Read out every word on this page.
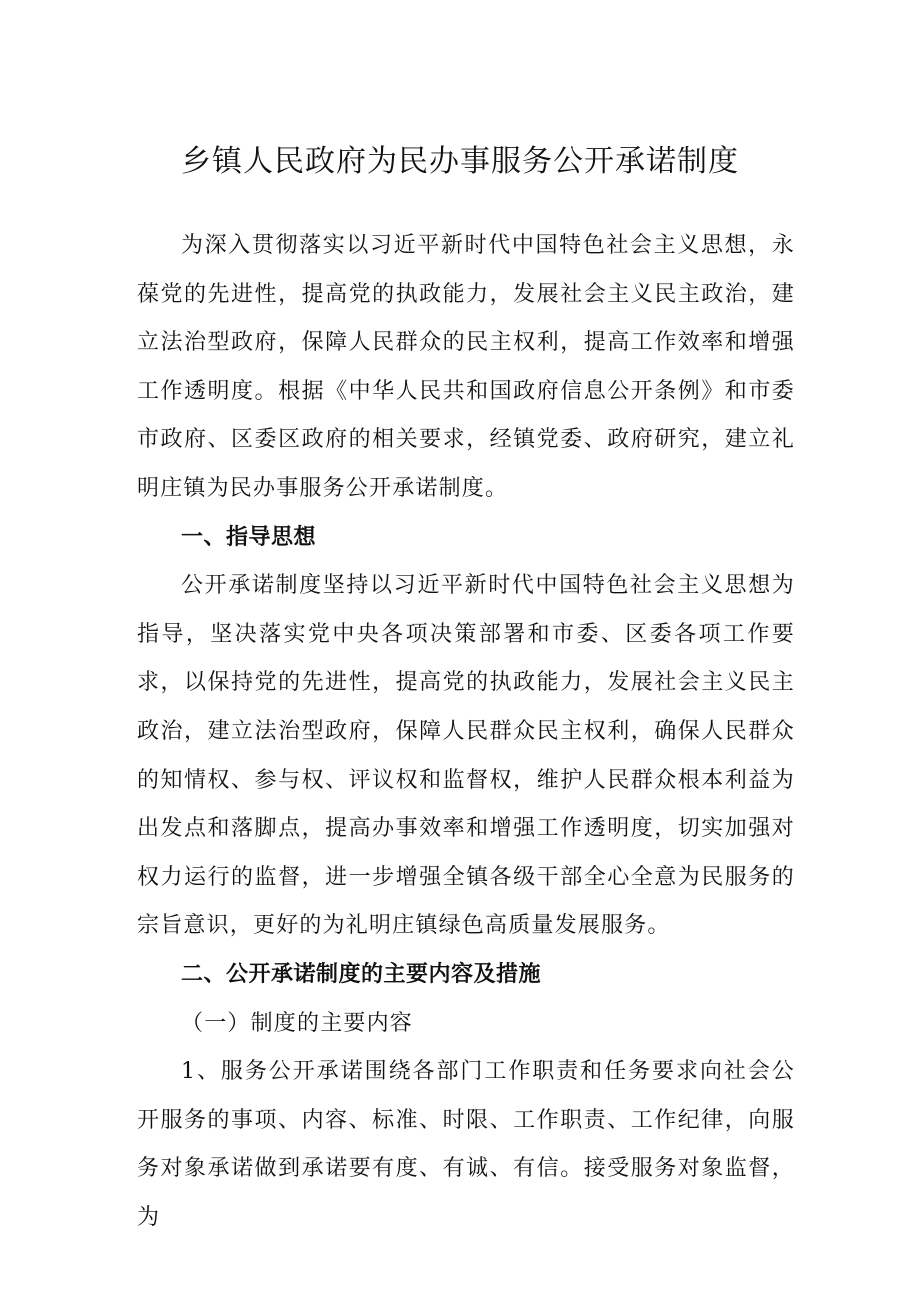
乡镇人民政府为民办事服务公开承诺制度

为深入贯彻落实以习近平新时代中国特色社会主义思想，永葆党的先进性，提高党的执政能力，发展社会主义民主政治，建立法治型政府，保障人民群众的民主权利，提高工作效率和增强工作透明度。根据《中华人民共和国政府信息公开条例》和市委市政府、区委区政府的相关要求，经镇党委、政府研究，建立礼明庄镇为民办事服务公开承诺制度。

一、指导思想

公开承诺制度坚持以习近平新时代中国特色社会主义思想为指导，坚决落实党中央各项决策部署和市委、区委各项工作要求，以保持党的先进性，提高党的执政能力，发展社会主义民主政治，建立法治型政府，保障人民群众民主权利，确保人民群众的知情权、参与权、评议权和监督权，维护人民群众根本利益为出发点和落脚点，提高办事效率和增强工作透明度，切实加强对权力运行的监督，进一步增强全镇各级干部全心全意为民服务的宗旨意识，更好的为礼明庄镇绿色高质量发展服务。

二、公开承诺制度的主要内容及措施

（一）制度的主要内容

1、服务公开承诺围绕各部门工作职责和任务要求向社会公开服务的事项、内容、标准、时限、工作职责、工作纪律，向服务对象承诺做到承诺要有度、有诚、有信。接受服务对象监督，为
